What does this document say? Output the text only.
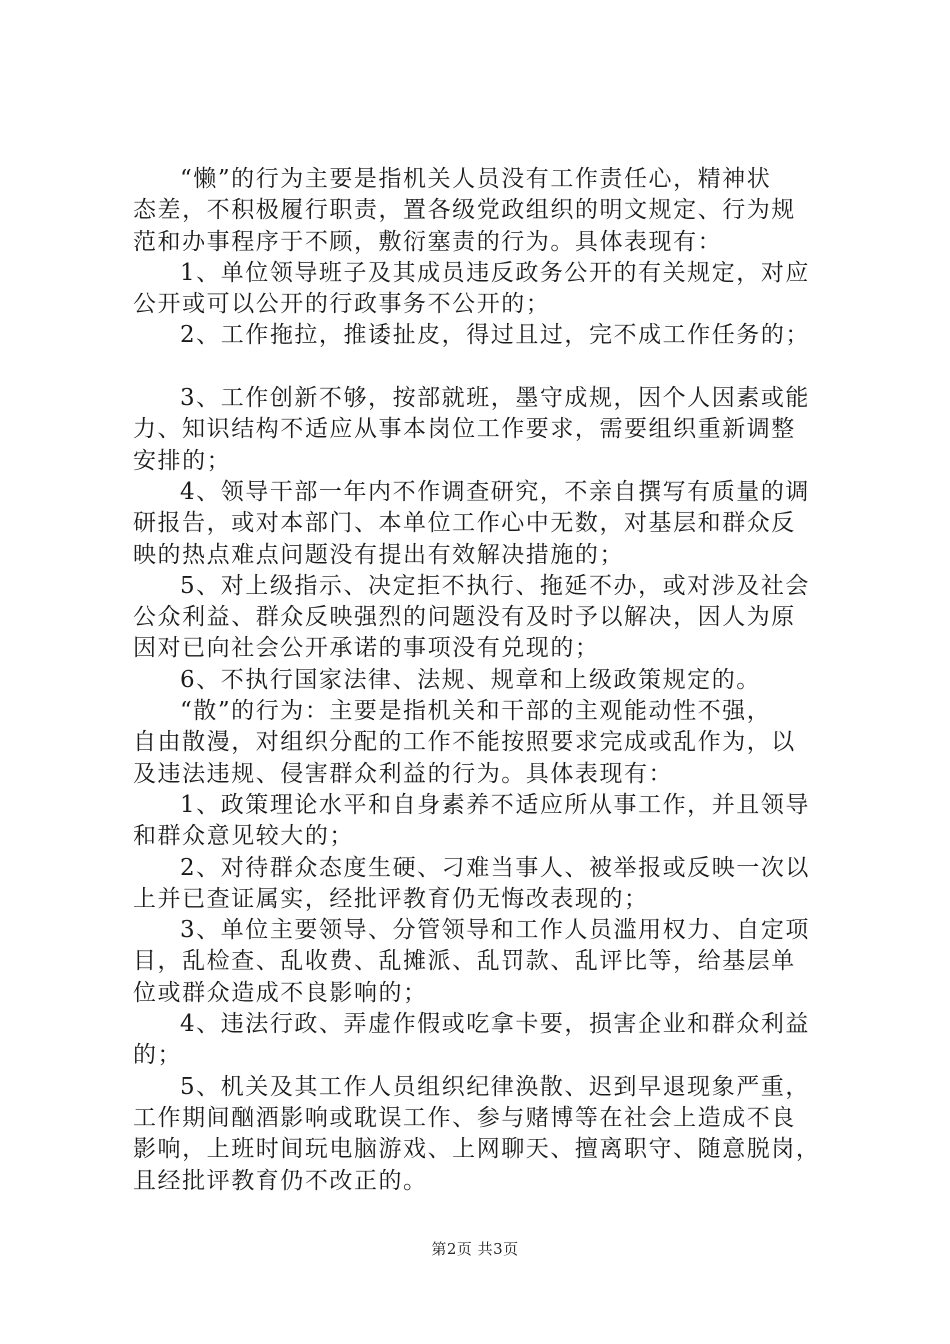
“懒”的行为主要是指机关人员没有工作责任心，精神状
态差，不积极履行职责，置各级党政组织的明文规定、行为规
范和办事程序于不顾，敷衍塞责的行为。具体表现有：
1、单位领导班子及其成员违反政务公开的有关规定，对应
公开或可以公开的行政事务不公开的；
2、工作拖拉，推诿扯皮，得过且过，完不成工作任务的；
3、工作创新不够，按部就班，墨守成规，因个人因素或能
力、知识结构不适应从事本岗位工作要求，需要组织重新调整
安排的；
4、领导干部一年内不作调查研究，不亲自撰写有质量的调
研报告，或对本部门、本单位工作心中无数，对基层和群众反
映的热点难点问题没有提出有效解决措施的；
5、对上级指示、决定拒不执行、拖延不办，或对涉及社会
公众利益、群众反映强烈的问题没有及时予以解决，因人为原
因对已向社会公开承诺的事项没有兑现的；
6、不执行国家法律、法规、规章和上级政策规定的。
“散”的行为：主要是指机关和干部的主观能动性不强，
自由散漫，对组织分配的工作不能按照要求完成或乱作为，以
及违法违规、侵害群众利益的行为。具体表现有：
1、政策理论水平和自身素养不适应所从事工作，并且领导
和群众意见较大的；
2、对待群众态度生硬、刁难当事人、被举报或反映一次以
上并已查证属实，经批评教育仍无悔改表现的；
3、单位主要领导、分管领导和工作人员滥用权力、自定项
目，乱检查、乱收费、乱摊派、乱罚款、乱评比等，给基层单
位或群众造成不良影响的；
4、违法行政、弄虚作假或吃拿卡要，损害企业和群众利益
的；
5、机关及其工作人员组织纪律涣散、迟到早退现象严重，
工作期间酗酒影响或耽误工作、参与赌博等在社会上造成不良
影响，上班时间玩电脑游戏、上网聊天、擅离职守、随意脱岗，
且经批评教育仍不改正的。
第2页 共3页
